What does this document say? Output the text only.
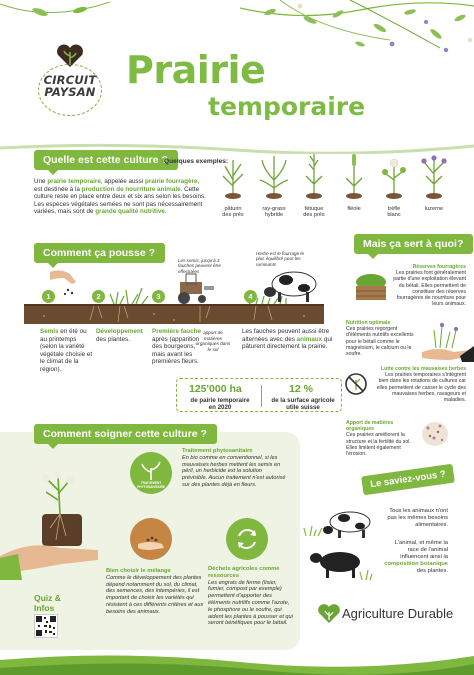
CIRCUIT
PAYSAN Prairie
temporaire
Quelle est cette culture ?
Quelques exemples:
Une prairie temporaire, appelée aussi prairie fourragère, est destinée à la production de nourriture animale. Cette culture reste en place entre deux et six ans selon les besoins. Les espèces végétales semées ne sont pas nécessairement variées, mais sont de grande qualité nutritive.	pâturin
des prés
ray-grass
hybride
fétuque
des prés
fléole	trèfle
blanc
luzerne
Comment ça pousse ?
Les semis, jusqu'à 3 fauches peuvent être effectuées
Herbe est le fourrage le plus équilibré pour les ruminants
1	2	3	4
apport de matières organiques dans le sol
Semis en été ou au printemps (selon la variété végétale choisie et le climat de la région).
Développement des plantes.
Première fauche après (apparition des bourgeons, mais avant les premières fleurs.
Les fauches peuvent aussi être alternées avec des animaux qui pâturent directement la prairie.
125'000 ha
de pairie temporaire
en 2020
12 %
de la surface agricole
utile suisse
Mais ça sert à quoi?
Réserves fourragères
Les prairies font généralement partie d'une exploitation élevant du bétail. Elles permettent de constituer des réserves fourragères de nourriture pour leurs animaux.
Nutrition optimale
Ces prairies regorgent d'éléments nutritifs excellents pour le bétail comme le magnésium, le calcium ou le soufre.
Lutte contre les mauvaises herbes
Les prairies temporaires s'intègrent bien dans les rotations de cultures car elles permettent de casser le cycle des mauvaises herbes, ravageurs et maladies.
Apport de matières organiques
Ces prairies améliorent la structure et la fertilité du sol. Elles limitent également l'érosion.
Comment soigner cette culture ?
TRAITEMENT PHYTOSANITAIRE
Traitement phytosanitaire
En bio comme en conventionnel, si les mauvaises herbes mettent les semis en péril, un herbicide est la solution prévisible. Aucun traitement n'est autorisé sur des plantes déjà en fleurs.
Bien choisir le mélange
Comme le développement des plantes dépend notamment du sol, du climat, des semences, des intempéries, il est important de choisir les variétés qui résistent à ces différents critères et aux besoins des animaux.
Déchets agricoles comme ressources
Les engrais de ferme (lisier, fumier, compost par exemple) permettent d'apporter des éléments nutritifs comme l'azote, le phosphore ou le soufre, qui aident les plantes à pousser et qui seront bénéfiques pour le bétail.
Quiz &
Infos
Le saviez-vous ?
Tous les animaux n'ont pas les mêmes besoins alimentaires.
L'animal, et même la race de l'animal influencent ainsi la composition botanique des plantes.
Agriculture Durable
